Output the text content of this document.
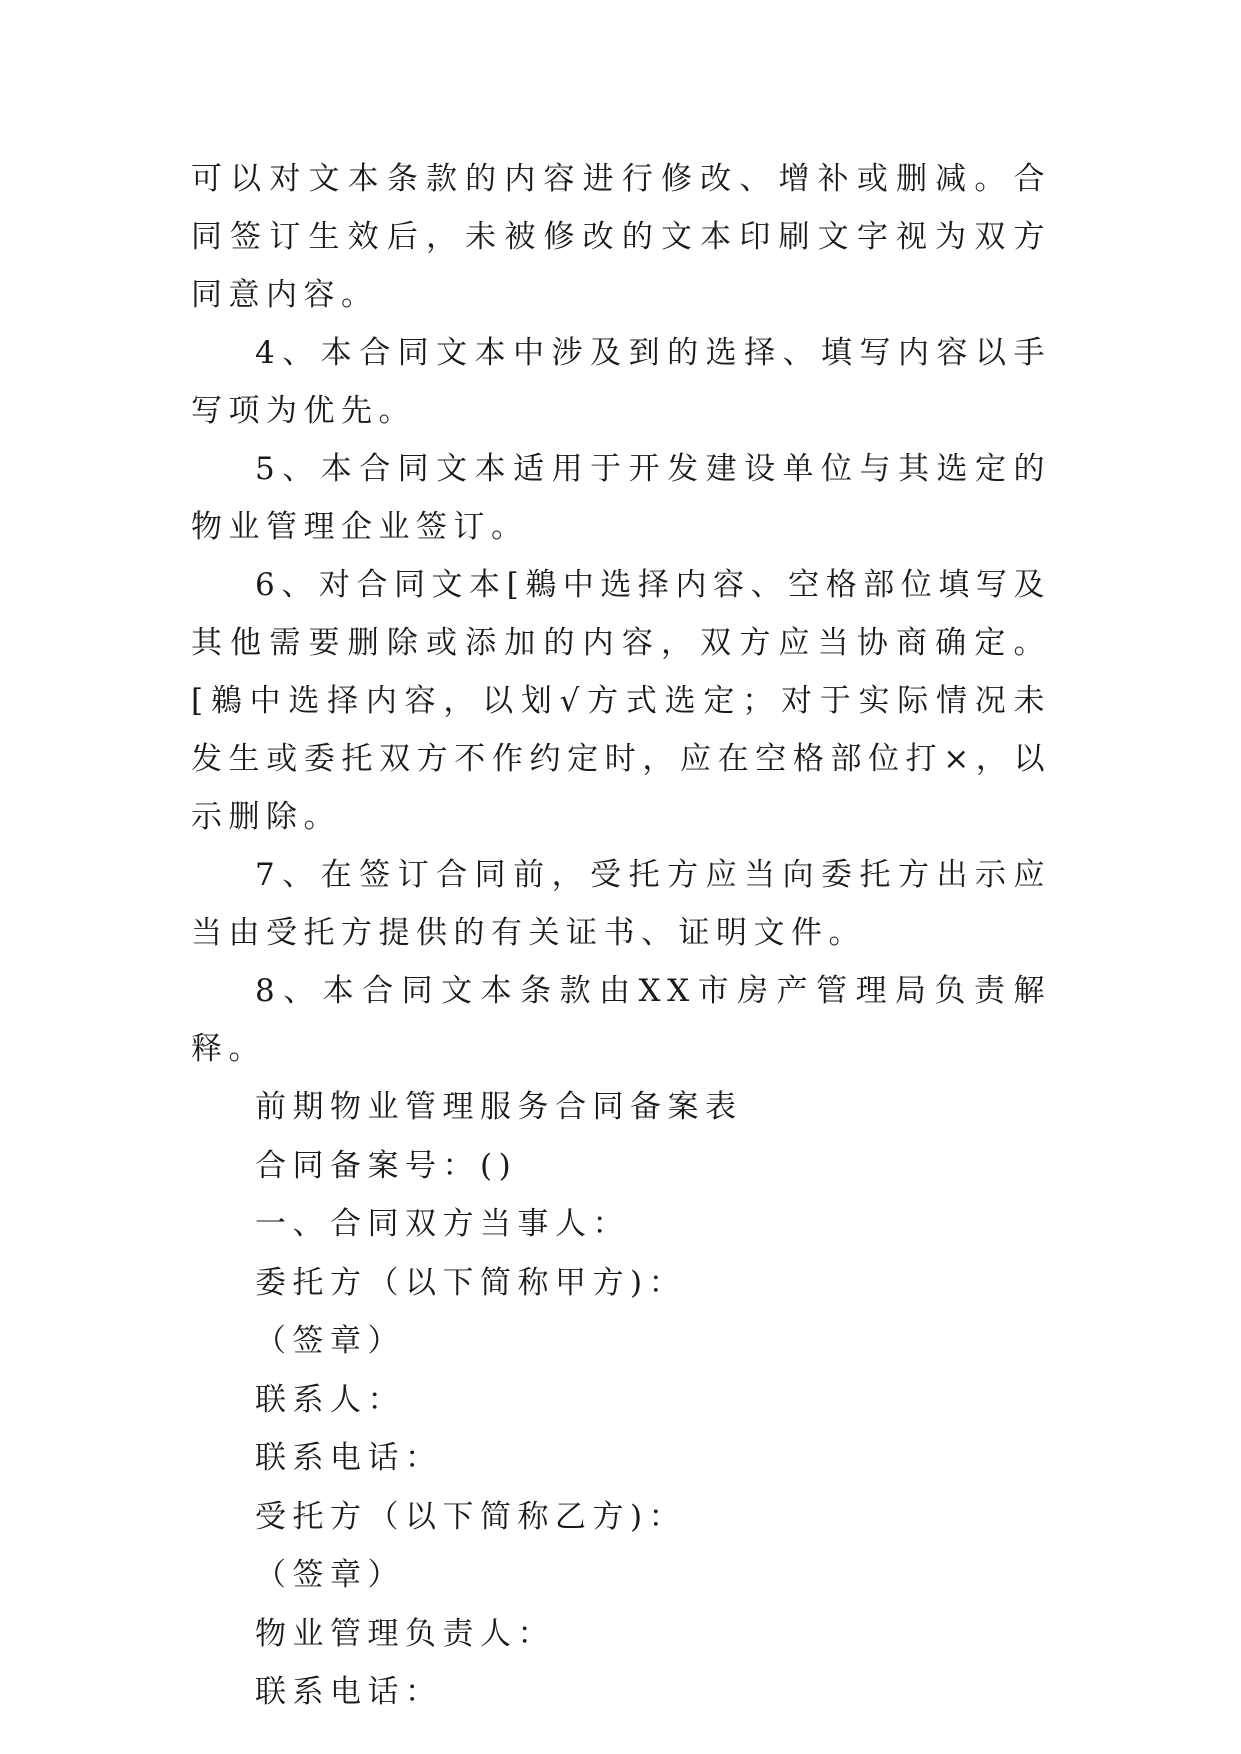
可以对文本条款的内容进行修改、增补或删减。合同签订生效后，未被修改的文本印刷文字视为双方同意内容。

4、本合同文本中涉及到的选择、填写内容以手写项为优先。

5、本合同文本适用于开发建设单位与其选定的物业管理企业签订。

6、对合同文本[鵜中选择内容、空格部位填写及其他需要删除或添加的内容，双方应当协商确定。[鵜中选择内容，以划√方式选定；对于实际情况未发生或委托双方不作约定时，应在空格部位打×，以示删除。

7、在签订合同前，受托方应当向委托方出示应当由受托方提供的有关证书、证明文件。

8、本合同文本条款由XX市房产管理局负责解释。

前期物业管理服务合同备案表

合同备案号：()

一、合同双方当事人：

委托方（以下简称甲方)：

（签章）

联系人：

联系电话：

受托方（以下简称乙方)：

（签章）

物业管理负责人：

联系电话：
